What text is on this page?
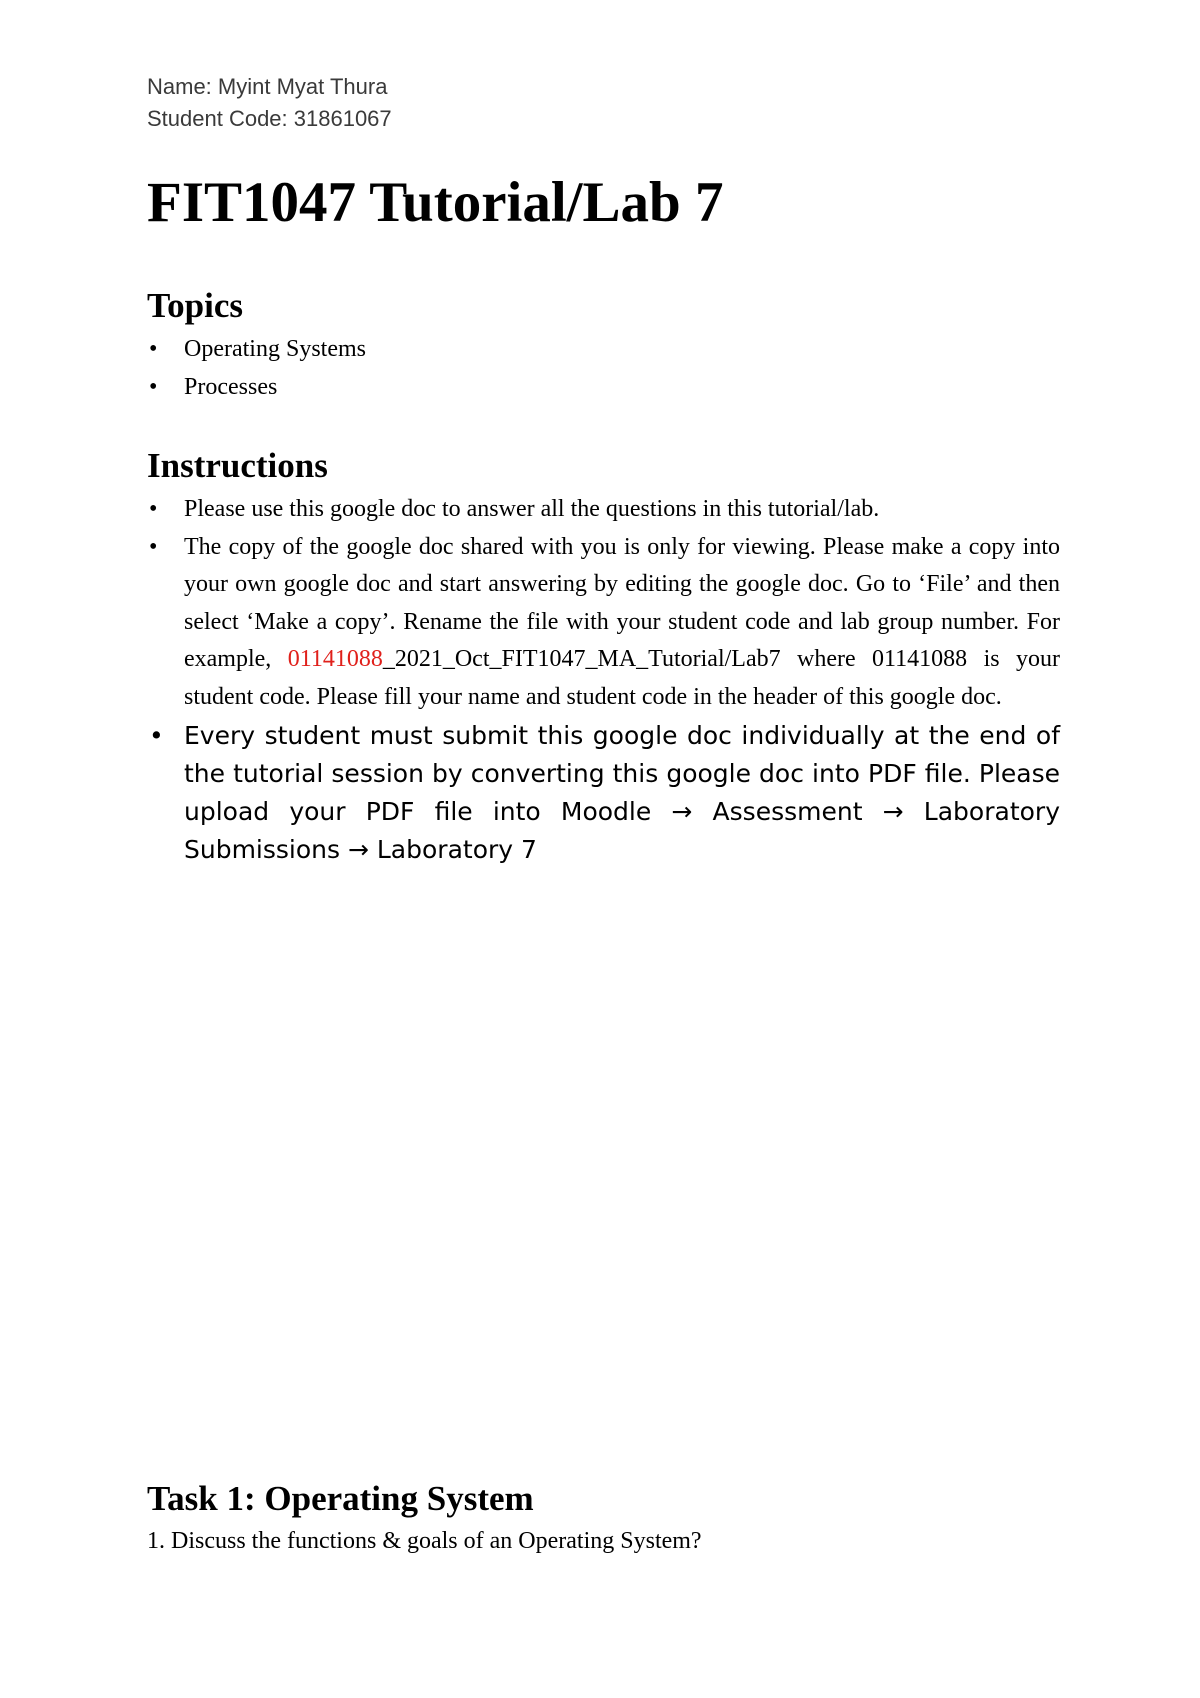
Name: Myint Myat Thura
Student Code: 31861067
FIT1047 Tutorial/Lab 7
Topics
• Operating Systems
• Processes
Instructions
• Please use this google doc to answer all the questions in this tutorial/lab.
• The copy of the google doc shared with you is only for viewing. Please make a copy into your own google doc and start answering by editing the google doc. Go to ‘File’ and then select ‘Make a copy’. Rename the file with your student code and lab group number. For example, 01141088_2021_Oct_FIT1047_MA_Tutorial/Lab7 where 01141088 is your student code. Please fill your name and student code in the header of this google doc.
• Every student must submit this google doc individually at the end of the tutorial session by converting this google doc into PDF file. Please upload your PDF file into Moodle → Assessment → Laboratory Submissions → Laboratory 7
Task 1: Operating System
1. Discuss the functions & goals of an Operating System?
